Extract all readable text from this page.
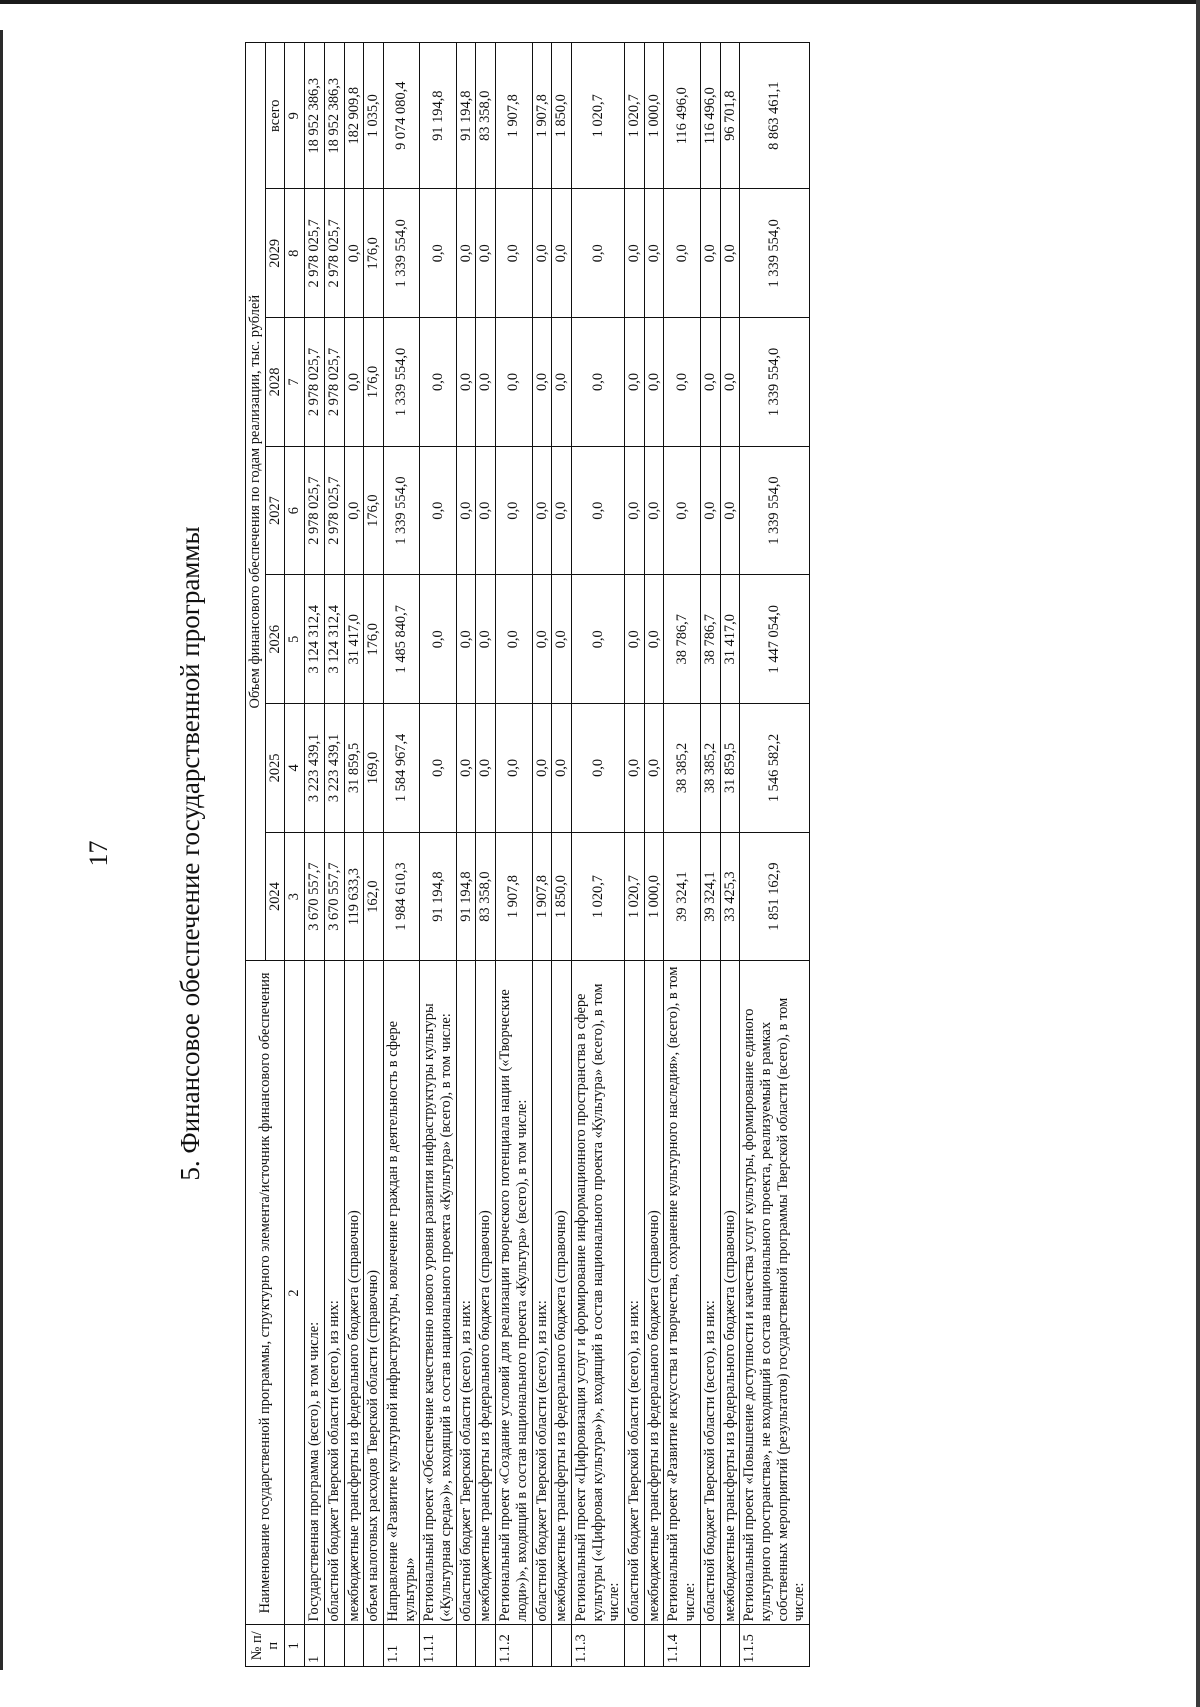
17 5. Финансовое обеспечение государственной программы
№ п/п	Наименование государственной программы, структурного элемента/источник финансового обеспечения	Объем финансового обеспечения по годам реализации, тыс. рублей						
		2024	2025	2026	2027	2028	2029	всего
1	2	3	4	5	6	7	8	9
1	Государственная программа (всего), в том числе:	3 670 557,7	3 223 439,1	3 124 312,4	2 978 025,7	2 978 025,7	2 978 025,7	18 952 386,3
	областной бюджет Тверской области (всего), из них:	3 670 557,7	3 223 439,1	3 124 312,4	2 978 025,7	2 978 025,7	2 978 025,7	18 952 386,3
	межбюджетные трансферты из федерального бюджета (справочно)	119 633,3	31 859,5	31 417,0	0,0	0,0	0,0	182 909,8
	объем налоговых расходов Тверской области (справочно)	162,0	169,0	176,0	176,0	176,0	176,0	1 035,0
1.1	Направление «Развитие культурной инфраструктуры, вовлечение граждан в деятельность в сфере культуры»	1 984 610,3	1 584 967,4	1 485 840,7	1 339 554,0	1 339 554,0	1 339 554,0	9 074 080,4
1.1.1	Региональный проект «Обеспечение качественно нового уровня развития инфраструктуры культуры («Культурная среда»)», входящий в состав национального проекта «Культура» (всего), в том числе:	91 194,8	0,0	0,0	0,0	0,0	0,0	91 194,8
	областной бюджет Тверской области (всего), из них:	91 194,8	0,0	0,0	0,0	0,0	0,0	91 194,8
	межбюджетные трансферты из федерального бюджета (справочно)	83 358,0	0,0	0,0	0,0	0,0	0,0	83 358,0
1.1.2	Региональный проект «Создание условий для реализации творческого потенциала нации («Творческие люди»)», входящий в состав национального проекта «Культура» (всего), в том числе:	1 907,8	0,0	0,0	0,0	0,0	0,0	1 907,8
	областной бюджет Тверской области (всего), из них:	1 907,8	0,0	0,0	0,0	0,0	0,0	1 907,8
	межбюджетные трансферты из федерального бюджета (справочно)	1 850,0	0,0	0,0	0,0	0,0	0,0	1 850,0
1.1.3	Региональный проект «Цифровизация услуг и формирование информационного пространства в сфере культуры («Цифровая культура»)», входящий в состав национального проекта «Культура» (всего), в том числе:	1 020,7	0,0	0,0	0,0	0,0	0,0	1 020,7
	областной бюджет Тверской области (всего), из них:	1 020,7	0,0	0,0	0,0	0,0	0,0	1 020,7
	межбюджетные трансферты из федерального бюджета (справочно)	1 000,0	0,0	0,0	0,0	0,0	0,0	1 000,0
1.1.4	Региональный проект «Развитие искусства и творчества, сохранение культурного наследия», (всего), в том числе:	39 324,1	38 385,2	38 786,7	0,0	0,0	0,0	116 496,0
	областной бюджет Тверской области (всего), из них:	39 324,1	38 385,2	38 786,7	0,0	0,0	0,0	116 496,0
	межбюджетные трансферты из федерального бюджета (справочно)	33 425,3	31 859,5	31 417,0	0,0	0,0	0,0	96 701,8
1.1.5	Региональный проект «Повышение доступности и качества услуг культуры, формирование единого культурного пространства», не входящий в состав национального проекта, реализуемый в рамках собственных мероприятий (результатов) государственной программы Тверской области (всего), в том числе:	1 851 162,9	1 546 582,2	1 447 054,0	1 339 554,0	1 339 554,0	1 339 554,0	8 863 461,1
